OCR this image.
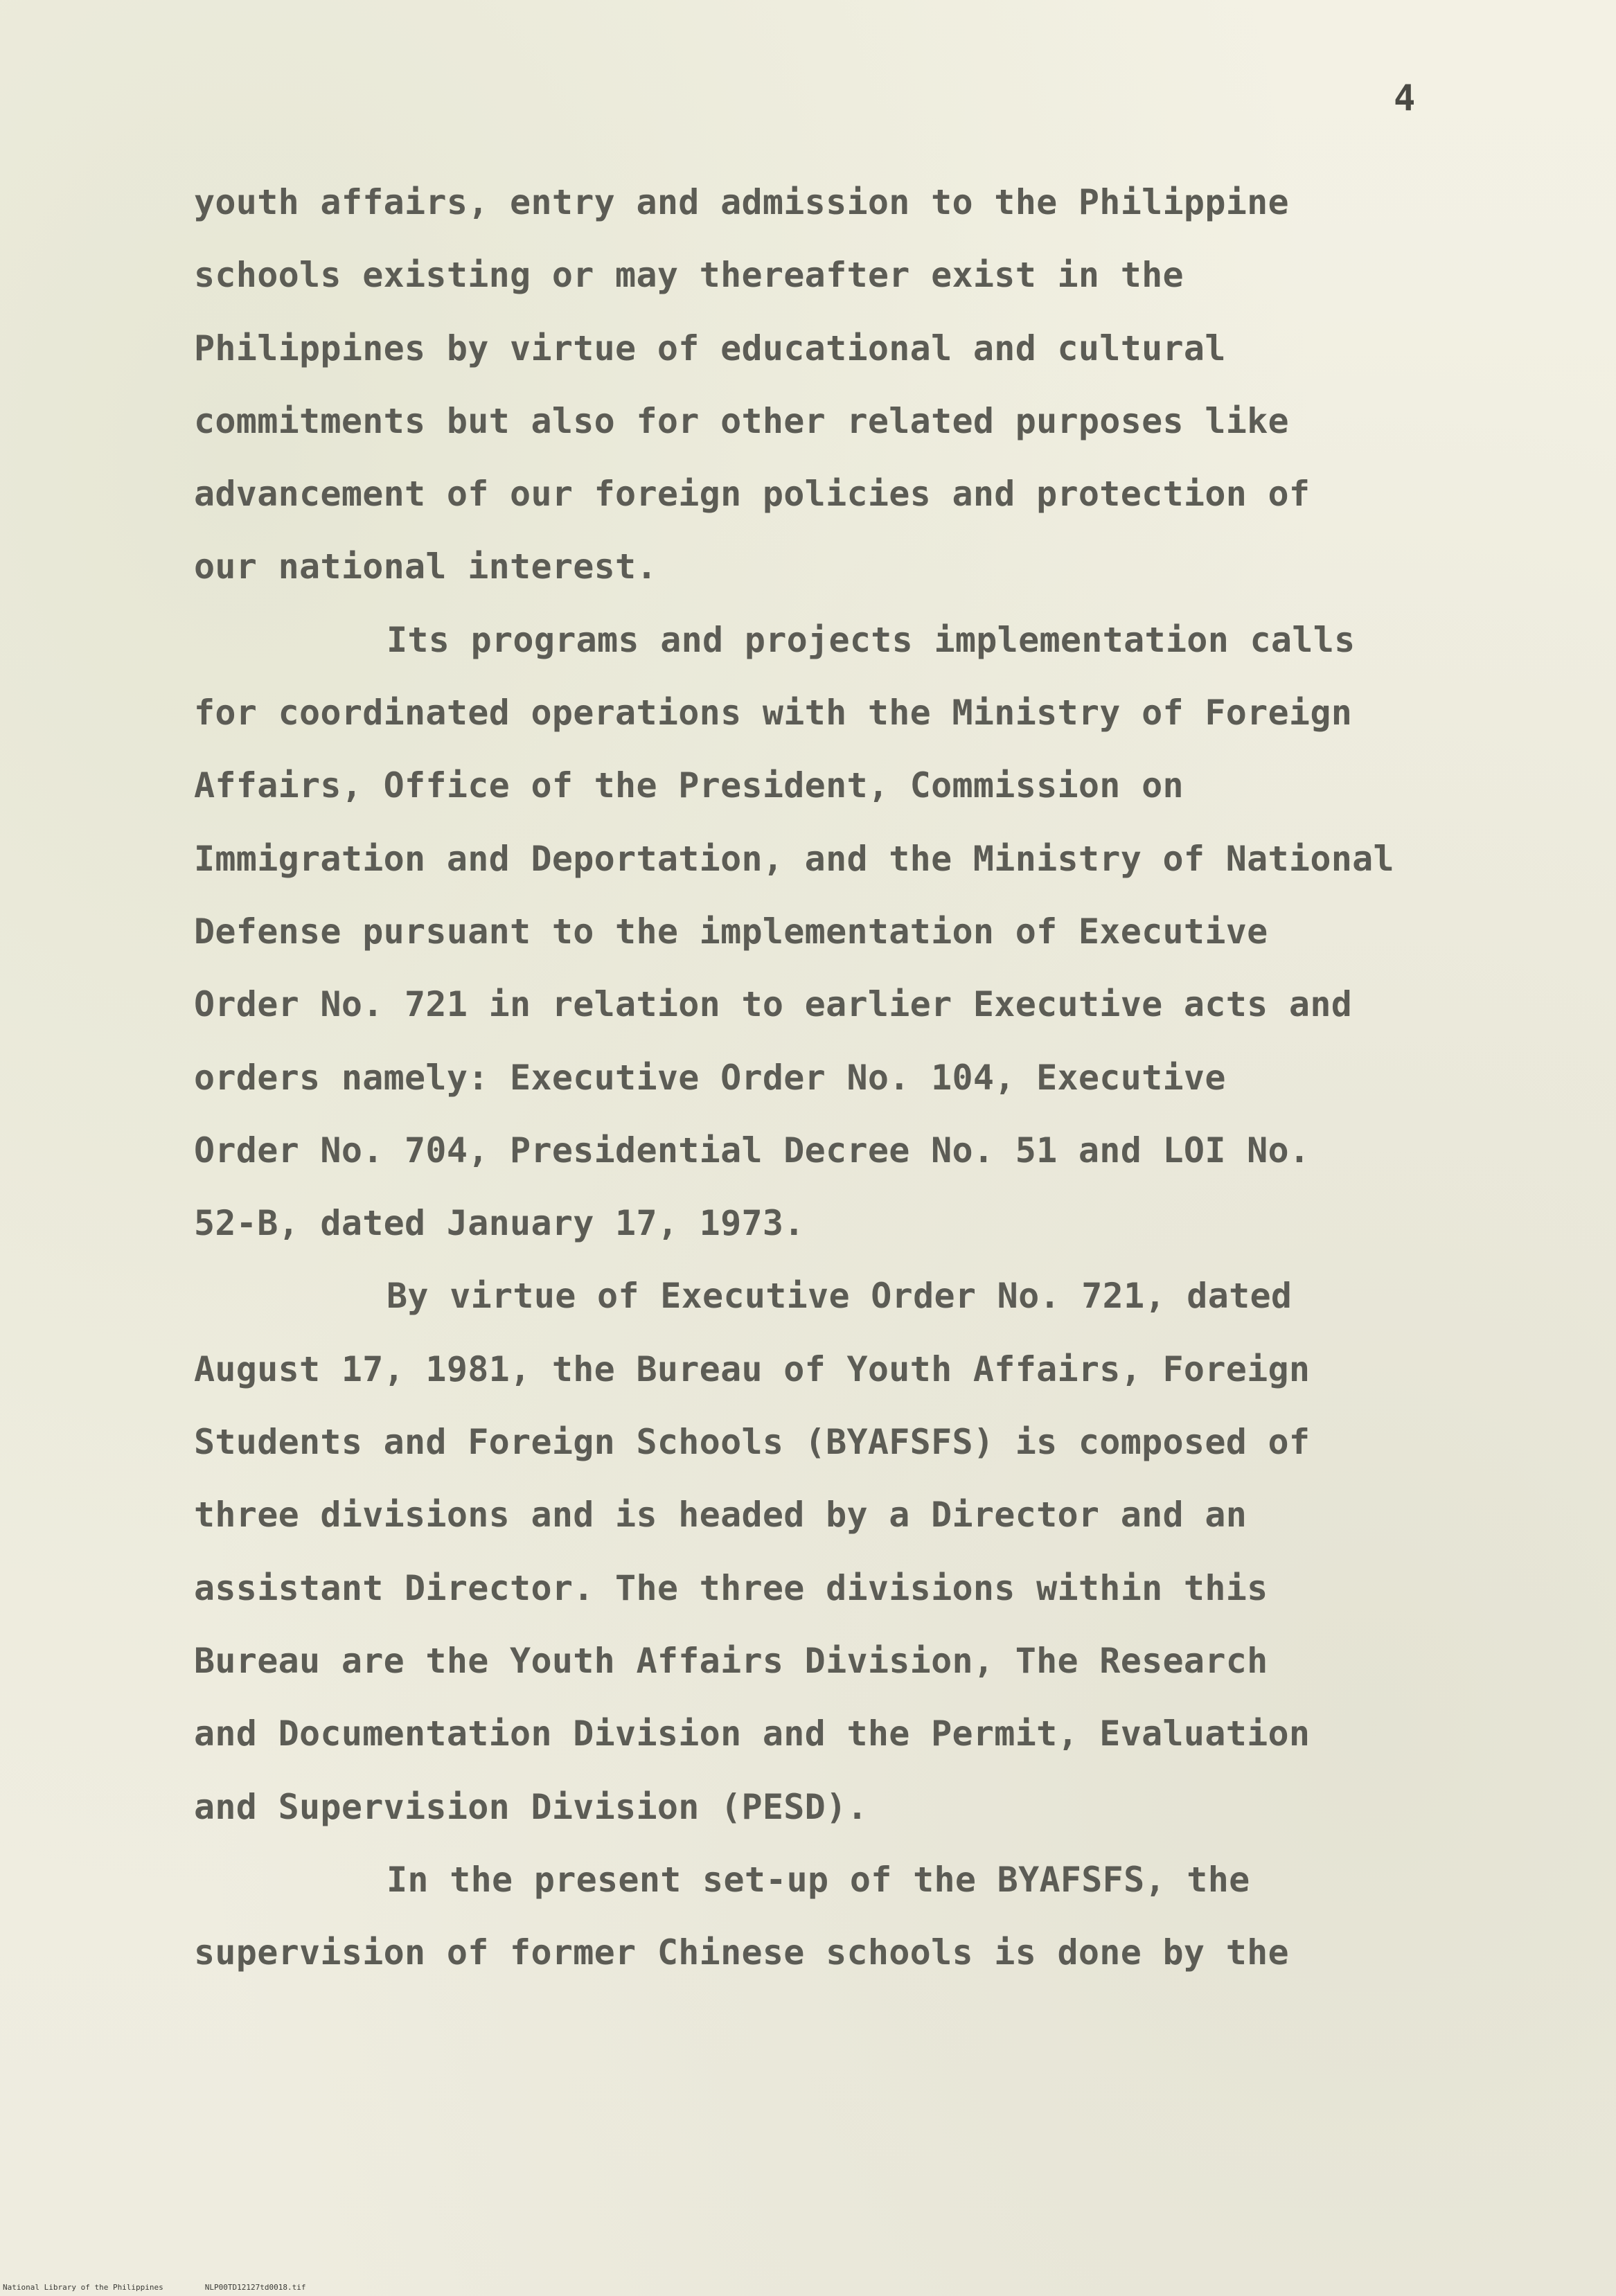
4
youth affairs, entry and admission to the Philippine
schools existing or may thereafter exist in the
Philippines by virtue of educational and cultural
commitments but also for other related purposes like
advancement of our foreign policies and protection of
our national interest.
Its programs and projects implementation calls
for coordinated operations with the Ministry of Foreign
Affairs, Office of the President, Commission on
Immigration and Deportation, and the Ministry of National
Defense pursuant to the implementation of Executive
Order No. 721 in relation to earlier Executive acts and
orders namely: Executive Order No. 104, Executive
Order No. 704, Presidential Decree No. 51 and LOI No.
52-B, dated January 17, 1973.
By virtue of Executive Order No. 721, dated
August 17, 1981, the Bureau of Youth Affairs, Foreign
Students and Foreign Schools (BYAFSFS) is composed of
three divisions and is headed by a Director and an
assistant Director. The three divisions within this
Bureau are the Youth Affairs Division, The Research
and Documentation Division and the Permit, Evaluation
and Supervision Division (PESD).
In the present set-up of the BYAFSFS, the
supervision of former Chinese schools is done by the
National Library of the Philippines	NLP00TD12127td0018.tif
